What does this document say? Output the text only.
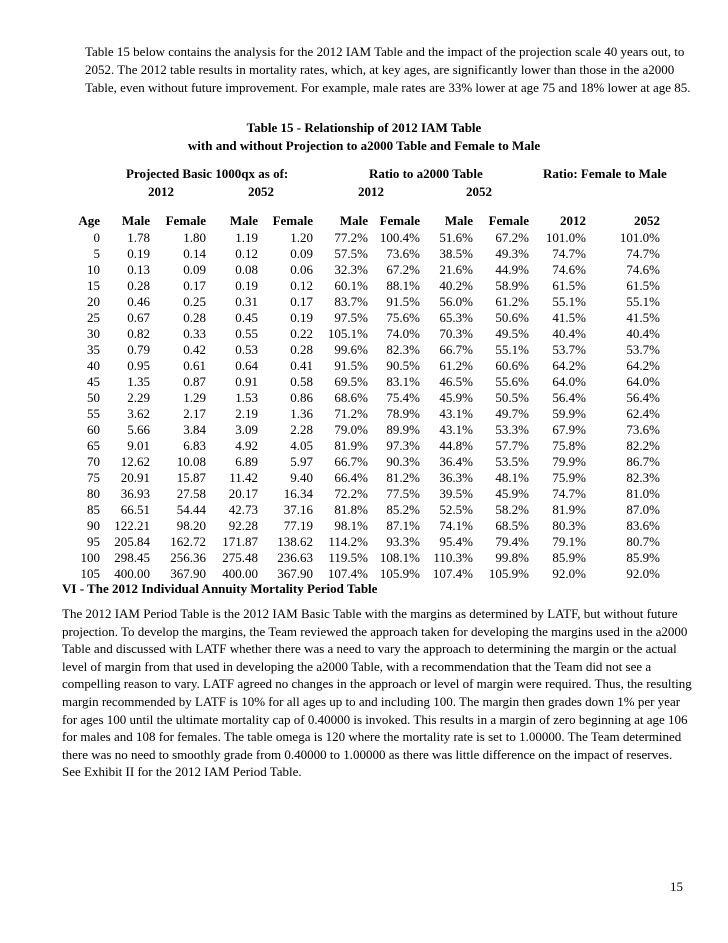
Table 15 below contains the analysis for the 2012 IAM Table and the impact of the projection scale 40 years out, to 2052. The 2012 table results in mortality rates, which, at key ages, are significantly lower than those in the a2000 Table, even without future improvement. For example, male rates are 33% lower at age 75 and 18% lower at age 85.
Table 15 - Relationship of 2012 IAM Table
with and without Projection to a2000 Table and Female to Male
Projected Basic 1000qx as of:
2012	2052
Ratio to a2000 Table
2012	2052
Ratio: Female to Male
Age	Male	Female	Male	Female	Male	Female	Male	Female	2012	2052
0	1.78	1.80	1.19	1.20	77.2%	100.4%	51.6%	67.2%	101.0%	101.0%
5	0.19	0.14	0.12	0.09	57.5%	73.6%	38.5%	49.3%	74.7%	74.7%
10	0.13	0.09	0.08	0.06	32.3%	67.2%	21.6%	44.9%	74.6%	74.6%
15	0.28	0.17	0.19	0.12	60.1%	88.1%	40.2%	58.9%	61.5%	61.5%
20	0.46	0.25	0.31	0.17	83.7%	91.5%	56.0%	61.2%	55.1%	55.1%
25	0.67	0.28	0.45	0.19	97.5%	75.6%	65.3%	50.6%	41.5%	41.5%
30	0.82	0.33	0.55	0.22	105.1%	74.0%	70.3%	49.5%	40.4%	40.4%
35	0.79	0.42	0.53	0.28	99.6%	82.3%	66.7%	55.1%	53.7%	53.7%
40	0.95	0.61	0.64	0.41	91.5%	90.5%	61.2%	60.6%	64.2%	64.2%
45	1.35	0.87	0.91	0.58	69.5%	83.1%	46.5%	55.6%	64.0%	64.0%
50	2.29	1.29	1.53	0.86	68.6%	75.4%	45.9%	50.5%	56.4%	56.4%
55	3.62	2.17	2.19	1.36	71.2%	78.9%	43.1%	49.7%	59.9%	62.4%
60	5.66	3.84	3.09	2.28	79.0%	89.9%	43.1%	53.3%	67.9%	73.6%
65	9.01	6.83	4.92	4.05	81.9%	97.3%	44.8%	57.7%	75.8%	82.2%
70	12.62	10.08	6.89	5.97	66.7%	90.3%	36.4%	53.5%	79.9%	86.7%
75	20.91	15.87	11.42	9.40	66.4%	81.2%	36.3%	48.1%	75.9%	82.3%
80	36.93	27.58	20.17	16.34	72.2%	77.5%	39.5%	45.9%	74.7%	81.0%
85	66.51	54.44	42.73	37.16	81.8%	85.2%	52.5%	58.2%	81.9%	87.0%
90	122.21	98.20	92.28	77.19	98.1%	87.1%	74.1%	68.5%	80.3%	83.6%
95	205.84	162.72	171.87	138.62	114.2%	93.3%	95.4%	79.4%	79.1%	80.7%
100	298.45	256.36	275.48	236.63	119.5%	108.1%	110.3%	99.8%	85.9%	85.9%
105	400.00	367.90	400.00	367.90	107.4%	105.9%	107.4%	105.9%	92.0%	92.0%
VI - The 2012 Individual Annuity Mortality Period Table
The 2012 IAM Period Table is the 2012 IAM Basic Table with the margins as determined by LATF, but without future projection. To develop the margins, the Team reviewed the approach taken for developing the margins used in the a2000 Table and discussed with LATF whether there was a need to vary the approach to determining the margin or the actual level of margin from that used in developing the a2000 Table, with a recommendation that the Team did not see a compelling reason to vary. LATF agreed no changes in the approach or level of margin were required. Thus, the resulting margin recommended by LATF is 10% for all ages up to and including 100. The margin then grades down 1% per year for ages 100 until the ultimate mortality cap of 0.40000 is invoked. This results in a margin of zero beginning at age 106 for males and 108 for females. The table omega is 120 where the mortality rate is set to 1.00000. The Team determined there was no need to smoothly grade from 0.40000 to 1.00000 as there was little difference on the impact of reserves. See Exhibit II for the 2012 IAM Period Table.
15
